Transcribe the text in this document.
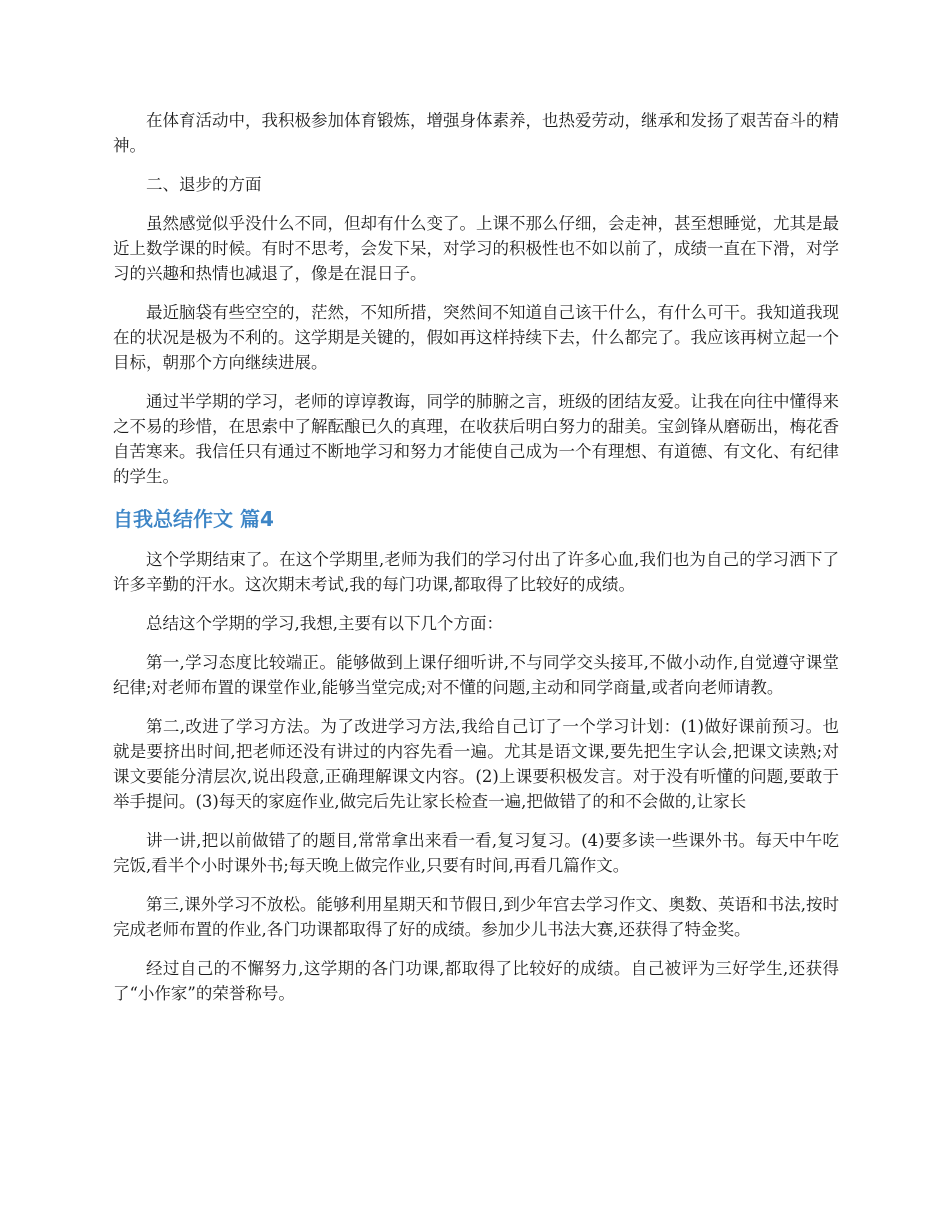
在体育活动中，我积极参加体育锻炼，增强身体素养，也热爱劳动，继承和发扬了艰苦奋斗的精神。

二、退步的方面

虽然感觉似乎没什么不同，但却有什么变了。上课不那么仔细，会走神，甚至想睡觉，尤其是最近上数学课的时候。有时不思考，会发下呆，对学习的积极性也不如以前了，成绩一直在下滑，对学习的兴趣和热情也减退了，像是在混日子。

最近脑袋有些空空的，茫然，不知所措，突然间不知道自己该干什么，有什么可干。我知道我现在的状况是极为不利的。这学期是关键的，假如再这样持续下去，什么都完了。我应该再树立起一个目标，朝那个方向继续进展。

通过半学期的学习，老师的谆谆教诲，同学的肺腑之言，班级的团结友爱。让我在向往中懂得来之不易的珍惜，在思索中了解酝酿已久的真理，在收获后明白努力的甜美。宝剑锋从磨砺出，梅花香自苦寒来。我信任只有通过不断地学习和努力才能使自己成为一个有理想、有道德、有文化、有纪律的学生。

自我总结作文 篇4

这个学期结束了。在这个学期里,老师为我们的学习付出了许多心血,我们也为自己的学习洒下了许多辛勤的汗水。这次期末考试,我的每门功课,都取得了比较好的成绩。

总结这个学期的学习,我想,主要有以下几个方面：

第一,学习态度比较端正。能够做到上课仔细听讲,不与同学交头接耳,不做小动作,自觉遵守课堂纪律;对老师布置的课堂作业,能够当堂完成;对不懂的问题,主动和同学商量,或者向老师请教。

第二,改进了学习方法。为了改进学习方法,我给自己订了一个学习计划：(1)做好课前预习。也就是要挤出时间,把老师还没有讲过的内容先看一遍。尤其是语文课,要先把生字认会,把课文读熟;对课文要能分清层次,说出段意,正确理解课文内容。(2)上课要积极发言。对于没有听懂的问题,要敢于举手提问。(3)每天的家庭作业,做完后先让家长检查一遍,把做错了的和不会做的,让家长

讲一讲,把以前做错了的题目,常常拿出来看一看,复习复习。(4)要多读一些课外书。每天中午吃完饭,看半个小时课外书;每天晚上做完作业,只要有时间,再看几篇作文。

第三,课外学习不放松。能够利用星期天和节假日,到少年宫去学习作文、奥数、英语和书法,按时完成老师布置的作业,各门功课都取得了好的成绩。参加少儿书法大赛,还获得了特金奖。

经过自己的不懈努力,这学期的各门功课,都取得了比较好的成绩。自己被评为三好学生,还获得了“小作家”的荣誉称号。
